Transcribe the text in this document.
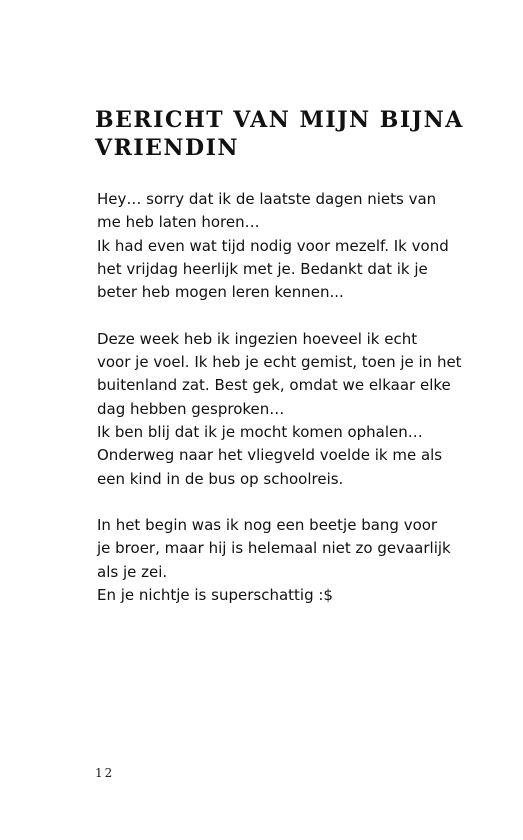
BERICHT VAN MIJN BIJNA
VRIENDIN
Hey… sorry dat ik de laatste dagen niets van
me heb laten horen…
Ik had even wat tijd nodig voor mezelf. Ik vond
het vrijdag heerlijk met je. Bedankt dat ik je
beter heb mogen leren kennen...
Deze week heb ik ingezien hoeveel ik echt
voor je voel. Ik heb je echt gemist, toen je in het
buitenland zat. Best gek, omdat we elkaar elke
dag hebben gesproken…
Ik ben blij dat ik je mocht komen ophalen…
Onderweg naar het vliegveld voelde ik me als
een kind in de bus op schoolreis.
In het begin was ik nog een beetje bang voor
je broer, maar hij is helemaal niet zo gevaarlijk
als je zei.
En je nichtje is superschattig :$
12
